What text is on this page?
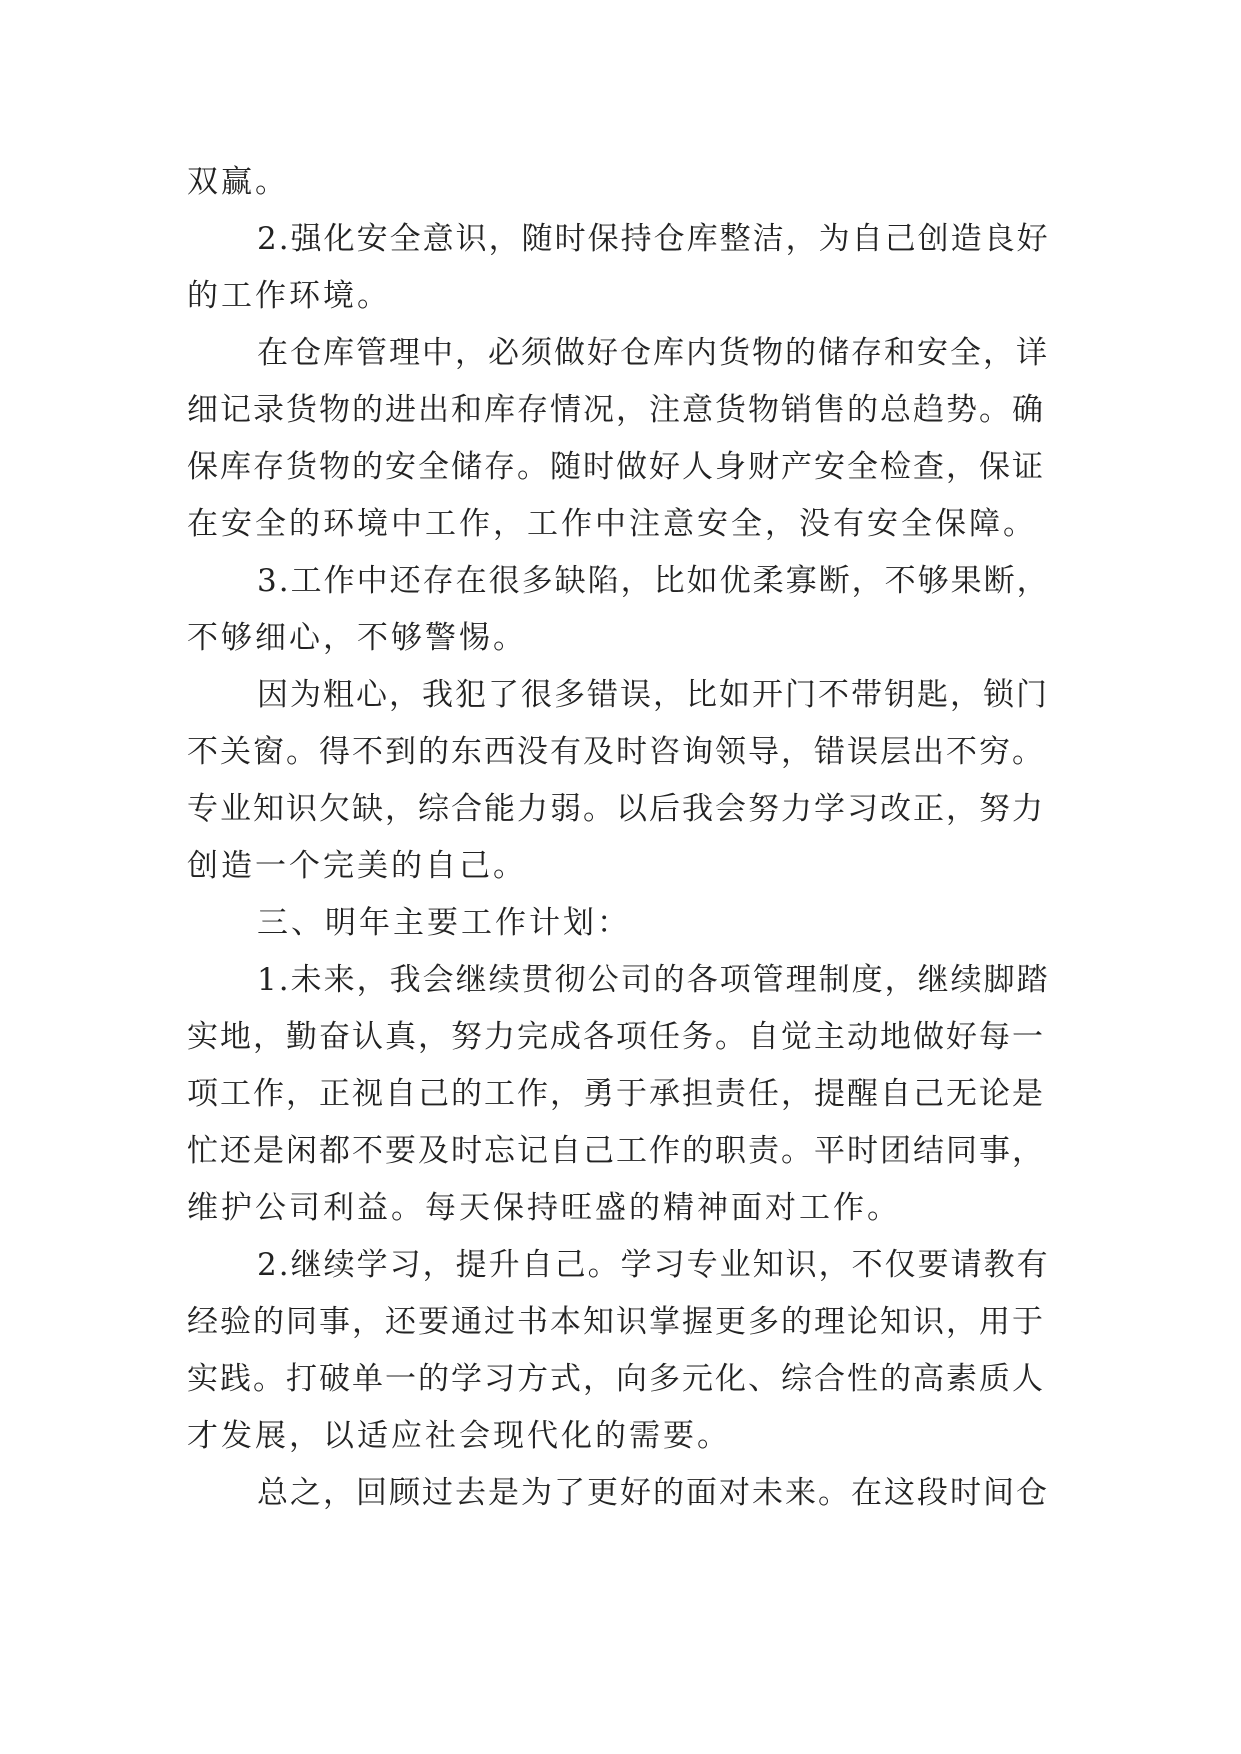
双赢。
2.强化安全意识，随时保持仓库整洁，为自己创造良好
的工作环境。
在仓库管理中，必须做好仓库内货物的储存和安全，详
细记录货物的进出和库存情况，注意货物销售的总趋势。确
保库存货物的安全储存。随时做好人身财产安全检查，保证
在安全的环境中工作，工作中注意安全，没有安全保障。
3.工作中还存在很多缺陷，比如优柔寡断，不够果断，
不够细心，不够警惕。
因为粗心，我犯了很多错误，比如开门不带钥匙，锁门
不关窗。得不到的东西没有及时咨询领导，错误层出不穷。
专业知识欠缺，综合能力弱。以后我会努力学习改正，努力
创造一个完美的自己。
三、明年主要工作计划：
1.未来，我会继续贯彻公司的各项管理制度，继续脚踏
实地，勤奋认真，努力完成各项任务。自觉主动地做好每一
项工作，正视自己的工作，勇于承担责任，提醒自己无论是
忙还是闲都不要及时忘记自己工作的职责。平时团结同事，
维护公司利益。每天保持旺盛的精神面对工作。
2.继续学习，提升自己。学习专业知识，不仅要请教有
经验的同事，还要通过书本知识掌握更多的理论知识，用于
实践。打破单一的学习方式，向多元化、综合性的高素质人
才发展，以适应社会现代化的需要。
总之，回顾过去是为了更好的面对未来。在这段时间仓
